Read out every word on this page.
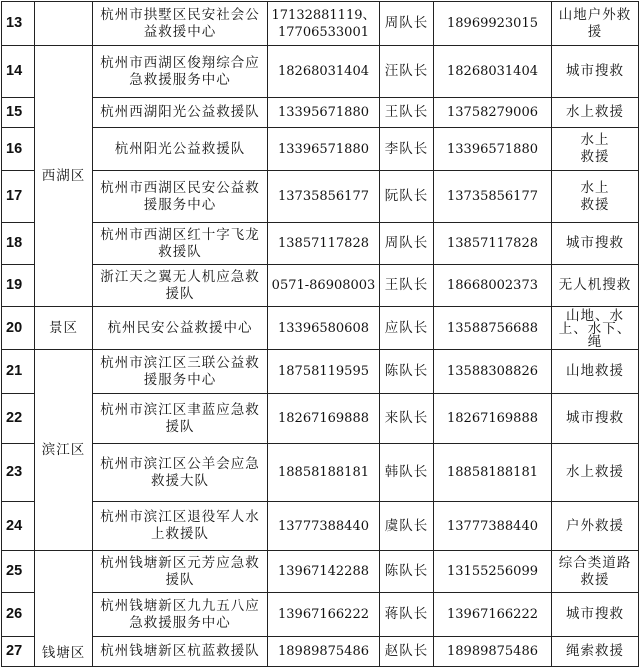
13		杭州市拱墅区民安社会公益救援中心	17132881119、17706533001	周队长	18969923015	山地户外救援
14	西湖区	杭州市西湖区俊翔综合应急救援服务中心	18268031404	汪队长	18268031404	城市搜救
15		杭州西湖阳光公益救援队	13395671880	王队长	13758279006	水上救援
16		杭州阳光公益救援队	13396571880	李队长	13396571880	水上救援
17		杭州市西湖区民安公益救援服务中心	13735856177	阮队长	13735856177	水上救援
18		杭州市西湖区红十字飞龙救援队	13857117828	周队长	13857117828	城市搜救
19		浙江天之翼无人机应急救援队	0571-86908003	王队长	18668002373	无人机搜救
20	景区	杭州民安公益救援中心	13396580608	应队长	13588756688	山地、水上、水下、绳
21	滨江区	杭州市滨江区三联公益救援服务中心	18758119595	陈队长	13588308826	山地救援
22		杭州市滨江区聿蓝应急救援队	18267169888	来队长	18267169888	城市搜救
23		杭州市滨江区公羊会应急救援大队	18858188181	韩队长	18858188181	水上救援
24		杭州市滨江区退役军人水上救援队	13777388440	虞队长	13777388440	户外救援
25	钱塘区	杭州钱塘新区元芳应急救援队	13967142288	陈队长	13155256099	综合类道路救援
26		杭州钱塘新区九九五八应急救援服务中心	13967166222	蒋队长	13967166222	城市搜救
27		杭州钱塘新区杭蓝救援队	18989875486	赵队长	18989875486	绳索救援
